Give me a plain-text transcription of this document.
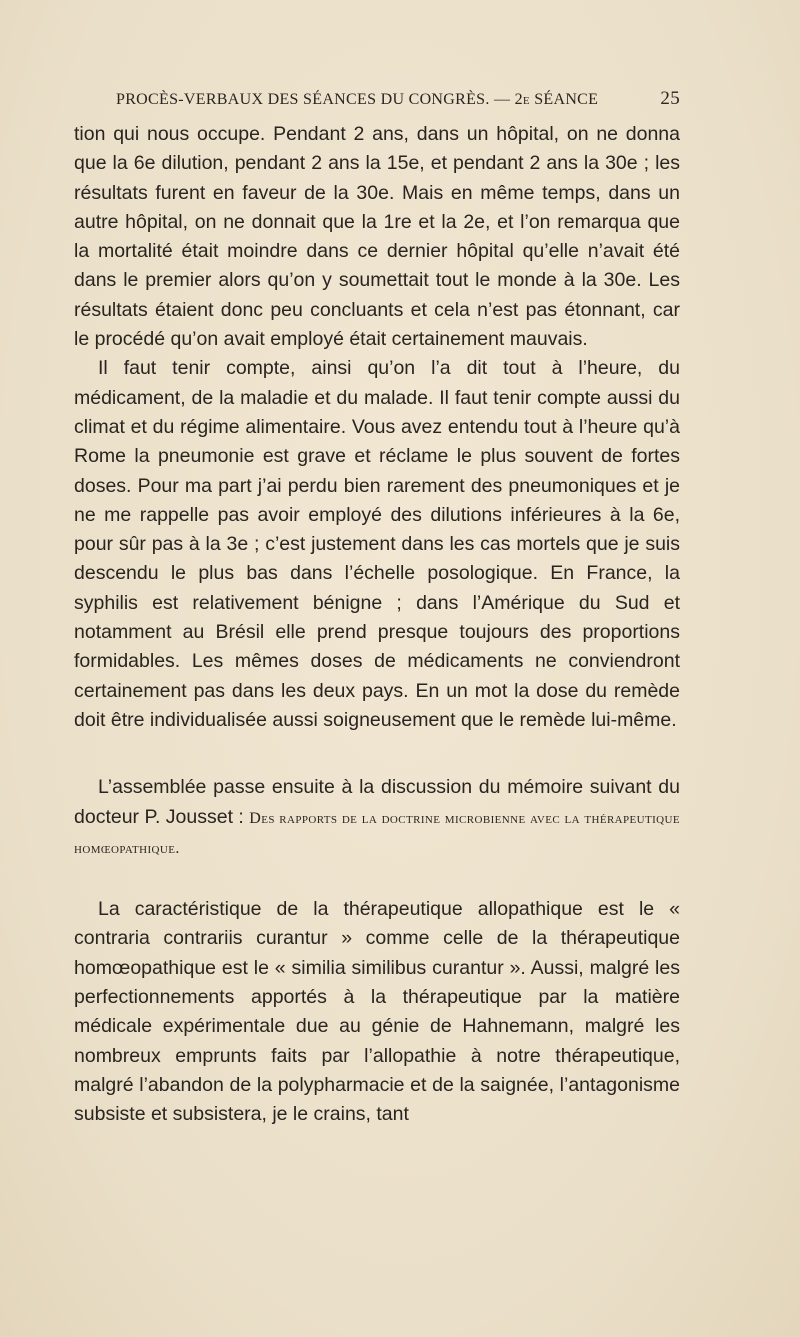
PROCÈS-VERBAUX DES SÉANCES DU CONGRÈS. — 2e SÉANCE	25

tion qui nous occupe. Pendant 2 ans, dans un hôpital, on ne donna que la 6e dilution, pendant 2 ans la 15e, et pendant 2 ans la 30e ; les résultats furent en faveur de la 30e. Mais en même temps, dans un autre hôpital, on ne donnait que la 1re et la 2e, et l’on remarqua que la mortalité était moindre dans ce dernier hôpital qu’elle n’avait été dans le premier alors qu’on y soumettait tout le monde à la 30e. Les résultats étaient donc peu concluants et cela n’est pas étonnant, car le procédé qu’on avait employé était certainement mauvais.

Il faut tenir compte, ainsi qu’on l’a dit tout à l’heure, du médicament, de la maladie et du malade. Il faut tenir compte aussi du climat et du régime alimentaire. Vous avez entendu tout à l’heure qu’à Rome la pneumonie est grave et réclame le plus souvent de fortes doses. Pour ma part j’ai perdu bien rarement des pneumoniques et je ne me rappelle pas avoir employé des dilutions inférieures à la 6e, pour sûr pas à la 3e ; c’est justement dans les cas mortels que je suis descendu le plus bas dans l’échelle posologique. En France, la syphilis est relativement bénigne ; dans l’Amérique du Sud et notamment au Brésil elle prend presque toujours des proportions formidables. Les mêmes doses de médicaments ne conviendront certainement pas dans les deux pays. En un mot la dose du remède doit être individualisée aussi soigneusement que le remède lui-même.

L’assemblée passe ensuite à la discussion du mémoire suivant du docteur P. Jousset : Des rapports de la doctrine microbienne avec la thérapeutique homœopathique.

La caractéristique de la thérapeutique allopathique est le « contraria contrariis curantur » comme celle de la thérapeutique homœopathique est le « similia similibus curantur ». Aussi, malgré les perfectionnements apportés à la thérapeutique par la matière médicale expérimentale due au génie de Hahnemann, malgré les nombreux emprunts faits par l’allopathie à notre thérapeutique, malgré l’abandon de la polypharmacie et de la saignée, l’antagonisme subsiste et subsistera, je le crains, tant
